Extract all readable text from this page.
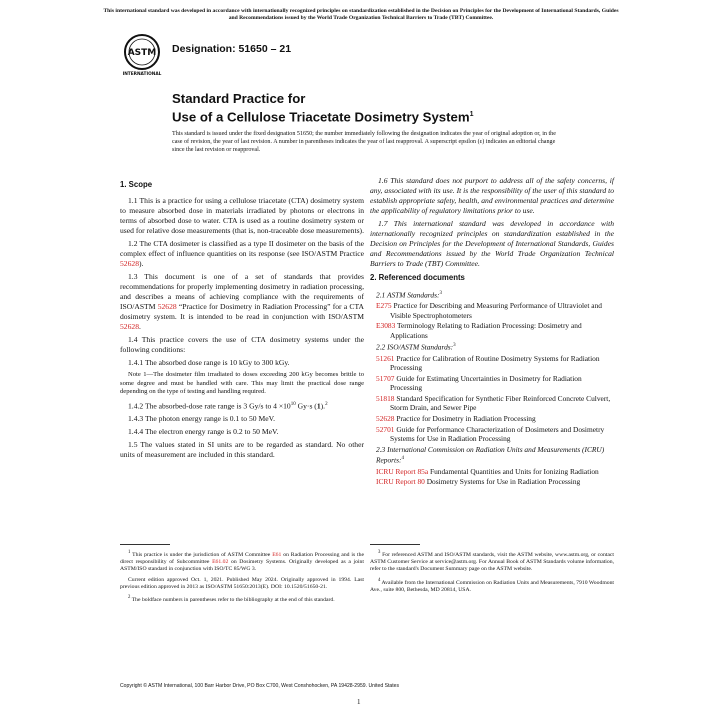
This international standard was developed in accordance with internationally recognized principles on standardization established in the Decision on Principles for the Development of International Standards, Guides and Recommendations issued by the World Trade Organization Technical Barriers to Trade (TBT) Committee.
ASTM
INTERNATIONAL
Designation: 51650 – 21
Standard Practice for
Use of a Cellulose Triacetate Dosimetry System$^1$
This standard is issued under the fixed designation 51650; the number immediately following the designation indicates the year of original adoption or, in the case of revision, the year of last revision. A number in parentheses indicates the year of last reapproval. A superscript epsilon (ε) indicates an editorial change since the last revision or reapproval.
1. Scope

1.1 This is a practice for using a cellulose triacetate (CTA) dosimetry system to measure absorbed dose in materials irradiated by photons or electrons in terms of absorbed dose to water. CTA is used as a routine dosimetry system or used for relative dose measurements (that is, non-traceable dose measurements).

1.2 The CTA dosimeter is classified as a type II dosimeter on the basis of the complex effect of influence quantities on its response (see ISO/ASTM Practice 52628).

1.3 This document is one of a set of standards that provides recommendations for properly implementing dosimetry in radiation processing, and describes a means of achieving compliance with the requirements of ISO/ASTM 52628 “Practice for Dosimetry in Radiation Processing” for a CTA dosimetry system. It is intended to be read in conjunction with ISO/ASTM 52628.

1.4 This practice covers the use of CTA dosimetry systems under the following conditions:

1.4.1 The absorbed dose range is 10 kGy to 300 kGy.

Note 1—The dosimeter film irradiated to doses exceeding 200 kGy becomes brittle to some degree and must be handled with care. This may limit the practical dose range depending on the type of testing and handling required.

1.4.2 The absorbed-dose rate range is 3 Gy/s to $4 \times 10^{10}$ Gy·s (1).$^2$

1.4.3 The photon energy range is 0.1 to 50 MeV.

1.4.4 The electron energy range is 0.2 to 50 MeV.

1.5 The values stated in SI units are to be regarded as standard. No other units of measurement are included in this standard.

1.6 This standard does not purport to address all of the safety concerns, if any, associated with its use. It is the responsibility of the user of this standard to establish appropriate safety, health, and environmental practices and determine the applicability of regulatory limitations prior to use.

1.7 This international standard was developed in accordance with internationally recognized principles on standardization established in the Decision on Principles for the Development of International Standards, Guides and Recommendations issued by the World Trade Organization Technical Barriers to Trade (TBT) Committee.

2. Referenced documents
2.1 ASTM Standards:$^3$
E275 Practice for Describing and Measuring Performance of Ultraviolet and Visible Spectrophotometers
E3083 Terminology Relating to Radiation Processing: Dosimetry and Applications
2.2 ISO/ASTM Standards:$^3$
51261 Practice for Calibration of Routine Dosimetry Systems for Radiation Processing
51707 Guide for Estimating Uncertainties in Dosimetry for Radiation Processing
51818 Standard Specification for Synthetic Fiber Reinforced Concrete Culvert, Storm Drain, and Sewer Pipe
52628 Practice for Dosimetry in Radiation Processing
52701 Guide for Performance Characterization of Dosimeters and Dosimetry Systems for Use in Radiation Processing
2.3 International Commission on Radiation Units and Measurements (ICRU) Reports:$^4$
ICRU Report 85a Fundamental Quantities and Units for Ionizing Radiation
ICRU Report 80 Dosimetry Systems for Use in Radiation Processing

$^1$ This practice is under the jurisdiction of ASTM Committee E61 on Radiation Processing and is the direct responsibility of Subcommittee E61.02 on Dosimetry Systems. Originally developed as a joint ASTM/ISO standard in conjunction with ISO/TC 85/WG 3.

Current edition approved Oct. 1, 2021. Published May 2024. Originally approved in 1994. Last previous edition approved in 2013 as ISO/ASTM 51650:2013(E). DOI: 10.1520/51650-21.

$^2$ The boldface numbers in parentheses refer to the bibliography at the end of this standard.

$^3$ For referenced ASTM and ISO/ASTM standards, visit the ASTM website, www.astm.org, or contact ASTM Customer Service at service@astm.org. For Annual Book of ASTM Standards volume information, refer to the standard's Document Summary page on the ASTM website.

$^4$ Available from the International Commission on Radiation Units and Measurements, 7910 Woodmont Ave., suite 800, Bethesda, MD 20814, USA.

Copyright © ASTM International, 100 Barr Harbor Drive, PO Box C700, West Conshohocken, PA 19428-2959. United States
1
